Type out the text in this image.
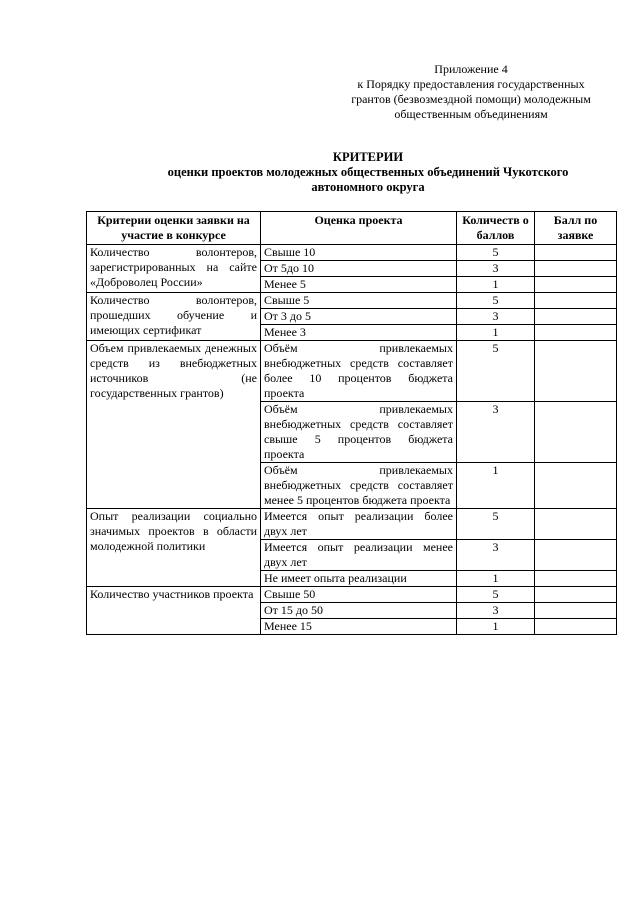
Приложение 4
к Порядку предоставления государственных
грантов (безвозмездной помощи) молодежным
общественным объединениям
КРИТЕРИИ
оценки проектов молодежных общественных объединений Чукотского
автономного округа
Критерии оценки заявки на участие в конкурсе	Оценка проекта	Количеств о баллов	Балл по заявке
Количество волонтеров, зарегистрированных на сайте «Доброволец России»	Свыше 10	5	
	От 5до 10	3	
	Менее 5	1	
Количество волонтеров, прошедших обучение и имеющих сертификат	Свыше 5	5	
	От 3 до 5	3	
	Менее 3	1	
Объем привлекаемых денежных средств из внебюджетных источников (не государственных грантов)	Объём привлекаемых внебюджетных средств составляет более 10 процентов бюджета проекта	5	
	Объём привлекаемых внебюджетных средств составляет свыше 5 процентов бюджета проекта	3	
	Объём привлекаемых внебюджетных средств составляет менее 5 процентов бюджета проекта	1	
Опыт реализации социально значимых проектов в области молодежной политики	Имеется опыт реализации более двух лет	5	
	Имеется опыт реализации менее двух лет	3	
	Не имеет опыта реализации	1	
Количество участников проекта	Свыше 50	5	
	От 15 до 50	3	
	Менее 15	1	
